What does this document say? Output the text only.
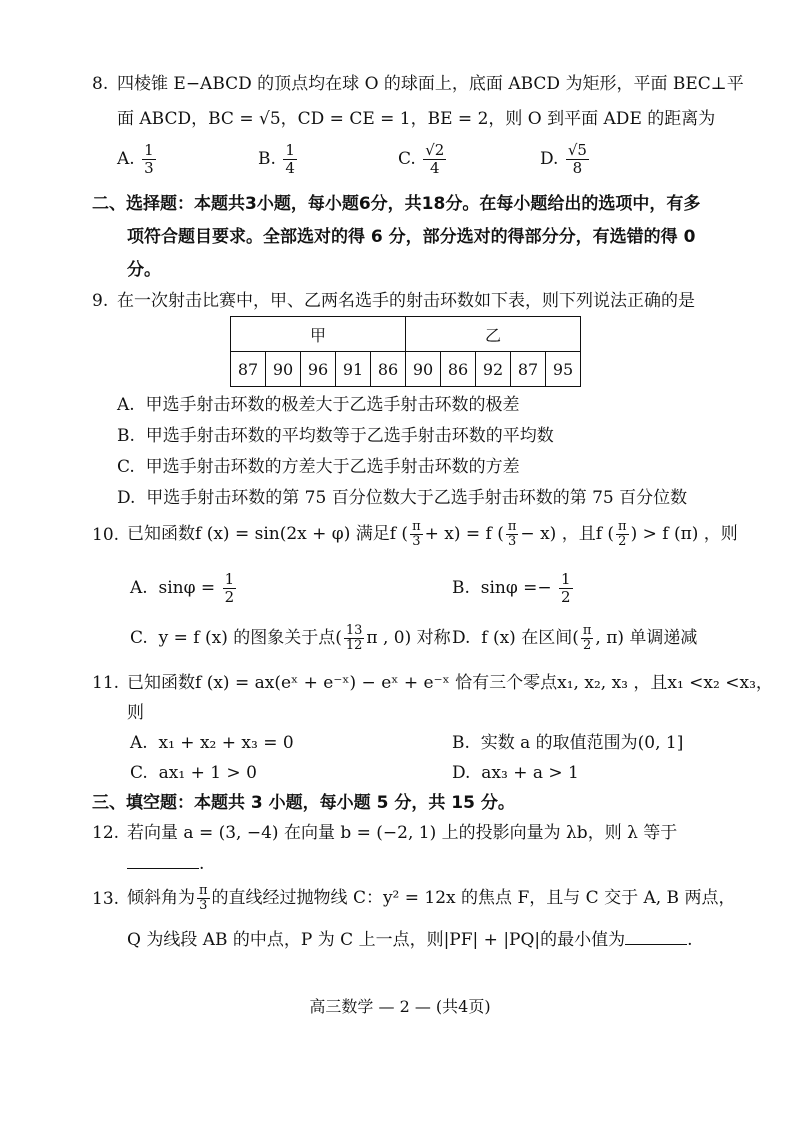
8. 四棱锥 E−ABCD 的顶点均在球 O 的球面上，底面 ABCD 为矩形，平面 BEC⊥平
面 ABCD，BC = √5，CD = CE = 1，BE = 2，则 O 到平面 ADE 的距离为
A. $\frac{1}{3}$	B. $\frac{1}{4}$	C. $\frac{√2}{4}$	D. $\frac{√5}{8}$
二、选择题：本题共3小题，每小题6分，共18分。在每小题给出的选项中，有多
项符合题目要求。全部选对的得 6 分，部分选对的得部分分，有选错的得 0
分。
9. 在一次射击比赛中，甲、乙两名选手的射击环数如下表，则下列说法正确的是
甲					乙				
87	90	96	91	86	90	86	92	87	95
A. 甲选手射击环数的极差大于乙选手射击环数的极差
B. 甲选手射击环数的平均数等于乙选手射击环数的平均数
C. 甲选手射击环数的方差大于乙选手射击环数的方差
D. 甲选手射击环数的第 75 百分位数大于乙选手射击环数的第 75 百分位数
10. 已知函数f (x) = sin(2x + φ) 满足f ( $\frac{\pi}{3} + x) = f$ ( $\frac{\pi}{3} - x$) ，且f ( $\frac{\pi}{2}$ ) > f (π) ，则
A. $\sin\varphi = \frac{1}{2}$	B. $\sin\varphi =- \frac{1}{2}$
C. y = f (x) 的图象关于点( $\frac{13}{12}$ π , 0) 对称 D. f (x) 在区间( $\frac{\pi}{2}$ , π) 单调递减
11. 已知函数f (x) = ax(eˣ + e⁻ˣ) − eˣ + e⁻ˣ 恰有三个零点x₁, x₂, x₃ ，且x₁ <x₂ <x₃，
则
A. x₁ + x₂ + x₃ = 0	B. 实数 a 的取值范围为(0, 1]
C. ax₁ + 1 > 0	D. ax₃ + a > 1
三、填空题：本题共 3 小题，每小题 5 分，共 15 分。
12. 若向量 a = (3, −4) 在向量 b = (−2, 1) 上的投影向量为 λb，则 λ 等于
.
13. 倾斜角为 $\frac{\pi}{3}$ 的直线经过抛物线 C：y² = 12x 的焦点 F，且与 C 交于 A, B 两点，
Q 为线段 AB 的中点，P 为 C 上一点，则|PF| + |PQ|的最小值为	.
高三数学 — 2 — (共4页)
